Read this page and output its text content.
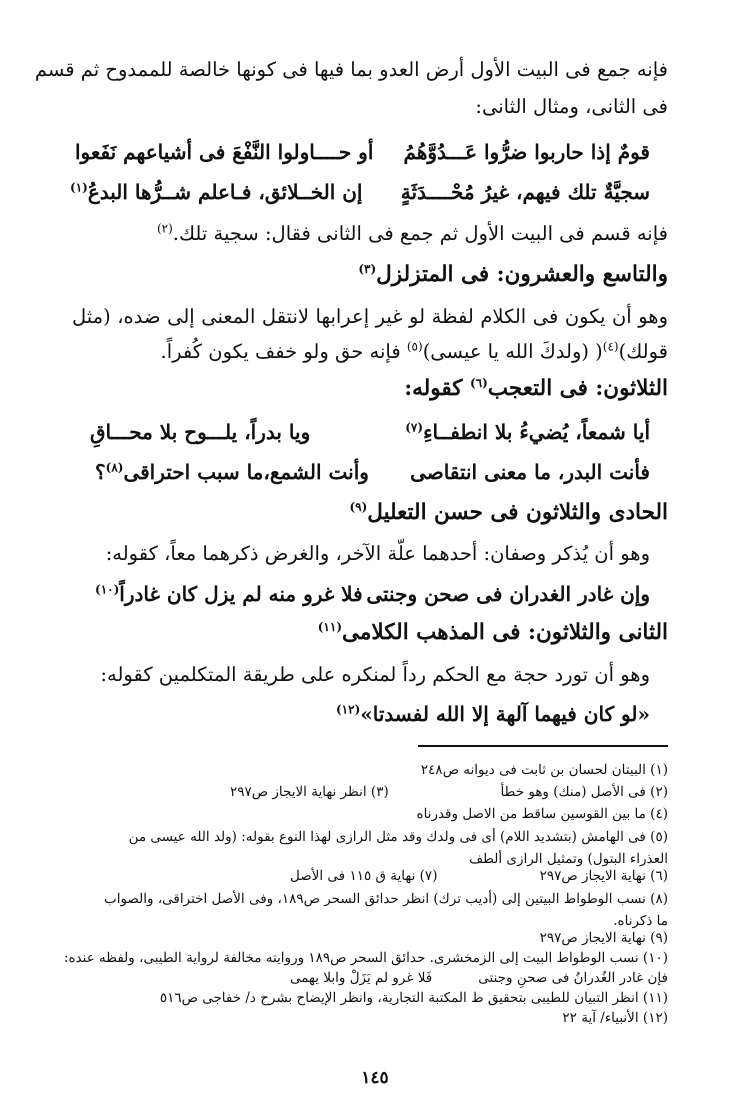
فإنه جمع فى البيت الأول أرض العدو بما فيها فى كونها خالصة للممدوح ثم قسم
فى الثانى، ومثال الثانى:
قومٌ إذا حاربوا ضرُّوا عَـــدُوَّهُمُ
أو حــــاولوا النَّفْعَ فى أشياعهم نَفَعوا
سجيَّةٌ تلك فيهم، غيرُ مُحْــــدَثَةٍ
إن الخــلائق، فـاعلم شــرُّها البدعُ$^{(١)}$
فإنه قسم فى البيت الأول ثم جمع فى الثانى فقال: سجية تلك.$^{(٢)}$
والتاسع والعشرون: فى المتزلزل$^{(٣)}$
وهو أن يكون فى الكلام لفظة لو غير إعرابها لانتقل المعنى إلى ضده، (مثل
قولك)$^{(٤)}$( (ولدكَ الله يا عيسى)$^{(٥)}$ فإنه حق ولو خفف يكون كُفراً.
الثلاثون: فى التعجب$^{(٦)}$ كقوله:
أيا شمعاً، يُضيءُ بلا انطفــاءِ$^{(٧)}$
ويا بدراً، يلـــوح بلا محـــاقِ
فأنت البدر، ما معنى انتقاصى
وأنت الشمع،ما سبب احتراقى$^{(٨)}$؟
الحادى والثلاثون فى حسن التعليل$^{(٩)}$
وهو أن يُذكر وصفان: أحدهما علّة الآخر، والغرض ذكرهما معاً، كقوله:
وإن غادر الغدران فى صحن وجنتى
فلا غرو منه لم يزل كان غادراً$^{(١٠)}$
الثانى والثلاثون: فى المذهب الكلامى$^{(١١)}$
وهو أن تورد حجة مع الحكم رداً لمنكره على طريقة المتكلمين كقوله:
«لو كان فيهما آلهة إلا الله لفسدتا»$^{(١٢)}$
(١) البيتان لحسان بن ثابت فى ديوانه ص٢٤٨
(٢) فى الأصل (منك) وهو خطأ
(٣) انظر نهاية الايجاز ص٢٩٧
(٤) ما بين القوسين ساقط من الاصل وقدرناه
(٥) فى الهامش (بتشديد اللام) أى فى ولدك وقد مثل الرازى لهذا النوع بقوله: (ولد الله عيسى من العذراء البتول) وتمثيل الرازى ألطف
(٦) نهاية الايجاز ص٢٩٧
(٧) نهاية ق ١١٥ فى الأصل
(٨) نسب الوطواط البيتين إلى (أديب ترك) انظر حدائق السحر ص١٨٩، وفى الأصل اختراقى، والصواب ما ذكرناه.
(٩) نهاية الايجاز ص٢٩٧
(١٠) نسب الوطواط البيت إلى الزمخشرى. حدائق السحر ص١٨٩ وروايته مخالفة لرواية الطيبى، ولفظه عنده:
فإن غادر الغُدرانُ فى صحنِ وجنتى
فَلا غرو لم يَزَلْ وابلا يهمى
(١١) انظر التبيان للطيبى بتحقيق ط المكتبة التجارية، وانظر الإيضاح بشرح د/ خفاجى ص٥١٦
(١٢) الأنبياء/ آية ٢٢
١٤٥
